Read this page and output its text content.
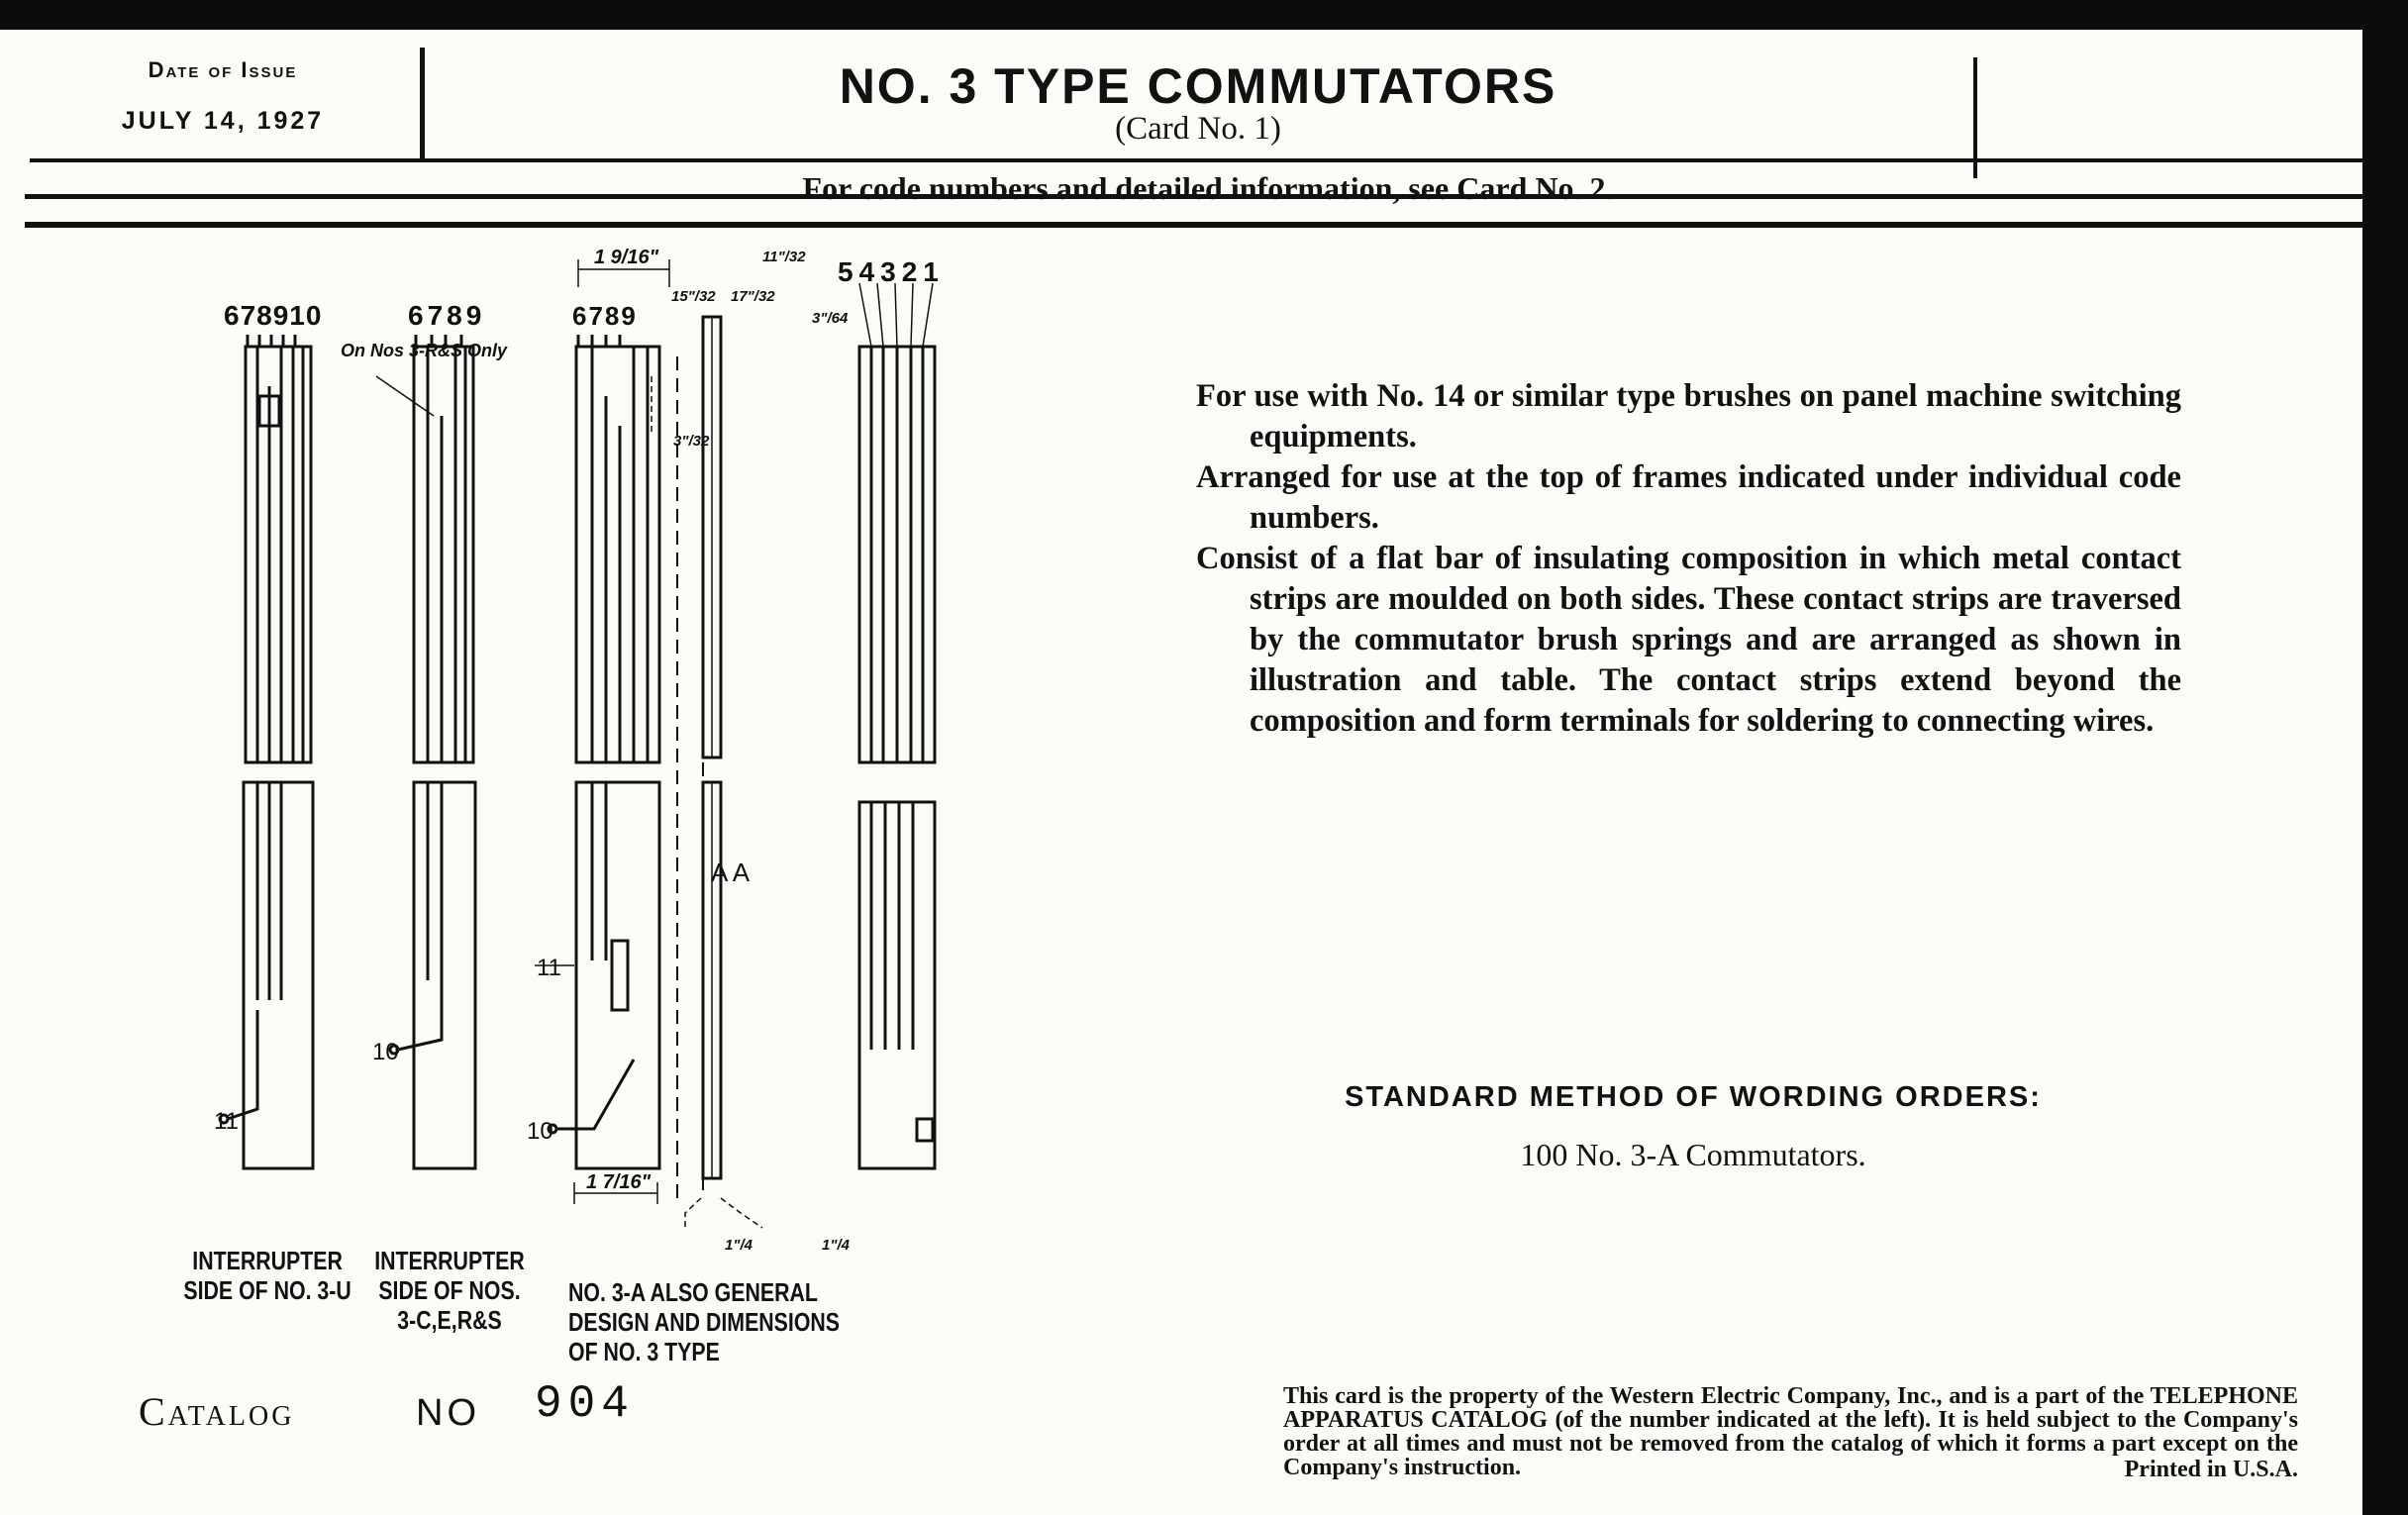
Date of Issue
JULY 14, 1927
NO. 3 TYPE COMMUTATORS
(Card No. 1)
For code numbers and detailed information, see Card No. 2.

For use with No. 14 or similar type brushes on panel machine switching equipments.

Arranged for use at the top of frames indicated under individual code numbers.

Consist of a flat bar of insulating composition in which metal contact strips are moulded on both sides. These contact strips are traversed by the commutator brush springs and are arranged as shown in illustration and table. The contact strips extend beyond the composition and form terminals for soldering to connecting wires.

STANDARD METHOD OF WORDING ORDERS:
100 No. 3-A Commutators.
678910	6789	6789
54321
On Nos 3-R&S Only
1 9/16"
15"/32 17"/32
11"/32
3"/64
3"/32
1 7/16"
1"/4	1"/4
A A
11
10
11
10
INTERRUPTER SIDE OF NO. 3-U
INTERRUPTER SIDE OF NOS. 3-C,E,R&S
NO. 3-A ALSO GENERAL DESIGN AND DIMENSIONS OF NO. 3 TYPE
Catalog	NO 904	This card is the property of the Western Electric Company, Inc., and is a part of the TELEPHONE APPARATUS CATALOG (of the number indicated at the left). It is held subject to the Company's order at all times and must not be removed from the catalog of which it forms a part except on the Company's instruction.	Printed in U.S.A.
